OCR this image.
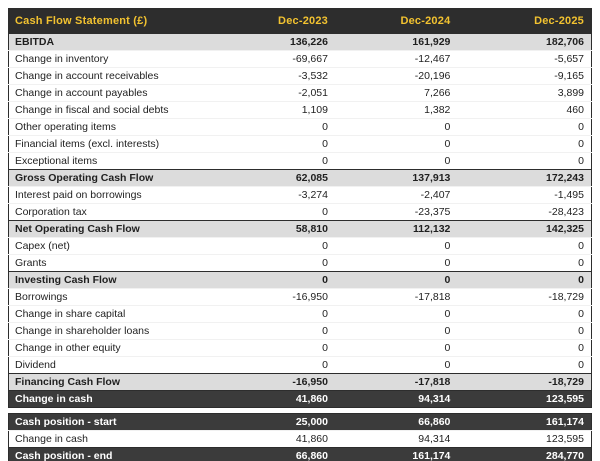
Cash Flow Statement (£)	Dec-2023	Dec-2024	Dec-2025
EBITDA	136,226	161,929	182,706
Change in inventory	-69,667	-12,467	-5,657
Change in account receivables	-3,532	-20,196	-9,165
Change in account payables	-2,051	7,266	3,899
Change in fiscal and social debts	1,109	1,382	460
Other operating items	0	0	0
Financial items (excl. interests)	0	0	0
Exceptional items	0	0	0
Gross Operating Cash Flow	62,085	137,913	172,243
Interest paid on borrowings	-3,274	-2,407	-1,495
Corporation tax	0	-23,375	-28,423
Net Operating Cash Flow	58,810	112,132	142,325
Capex (net)	0	0	0
Grants	0	0	0
Investing Cash Flow	0	0	0
Borrowings	-16,950	-17,818	-18,729
Change in share capital	0	0	0
Change in shareholder loans	0	0	0
Change in other equity	0	0	0
Dividend	0	0	0
Financing Cash Flow	-16,950	-17,818	-18,729
Change in cash	41,860	94,314	123,595
Cash position - start	25,000	66,860	161,174
Change in cash	41,860	94,314	123,595
Cash position - end	66,860	161,174	284,770
